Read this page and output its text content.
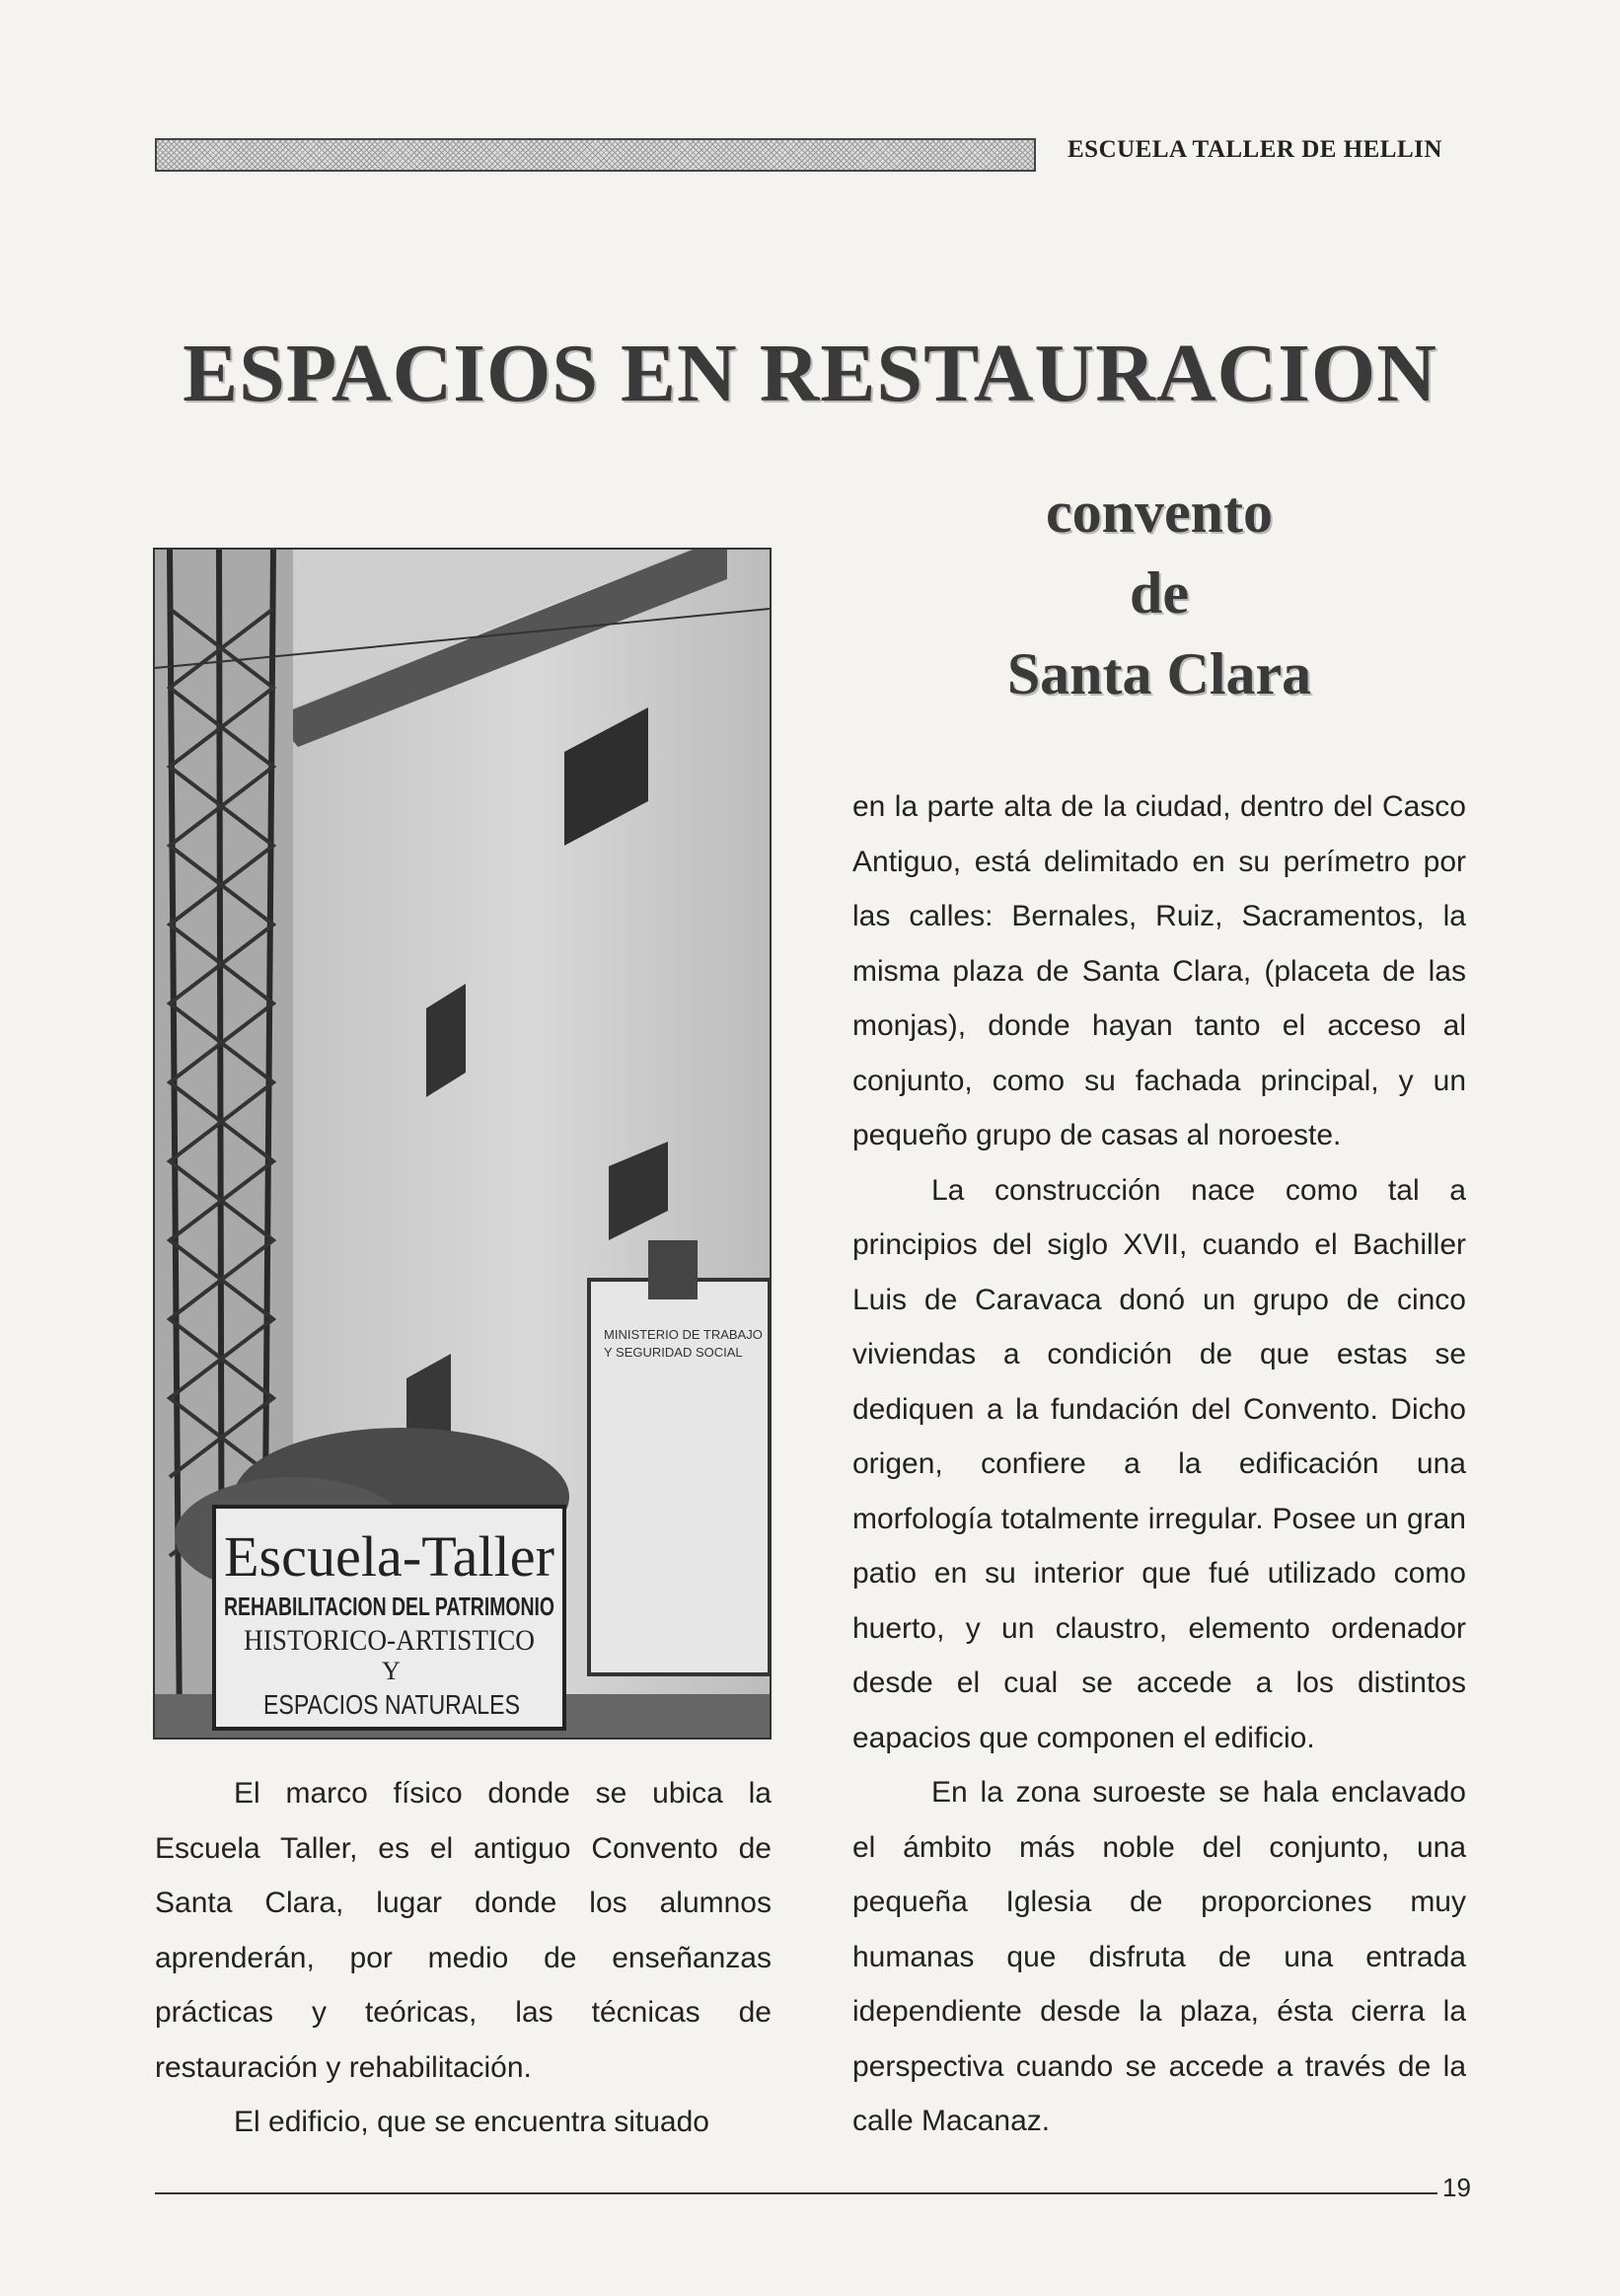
ESCUELA TALLER DE HELLIN
ESPACIOS EN RESTAURACION
convento
de
Santa Clara
MINISTERIO DE TRABAJO
Y SEGURIDAD SOCIAL
Escuela-Taller
REHABILITACION DEL PATRIMONIO
HISTORICO-ARTISTICO
Y
ESPACIOS NATURALES

El marco físico donde se ubica la Escuela Taller, es el antiguo Convento de Santa Clara, lugar donde los alumnos aprenderán, por medio de enseñanzas prácticas y teóricas, las técnicas de restauración y rehabilitación.

El edificio, que se encuentra situado

en la parte alta de la ciudad, dentro del Casco Antiguo, está delimitado en su perímetro por las calles: Bernales, Ruiz, Sacramentos, la misma plaza de Santa Clara, (placeta de las monjas), donde hayan tanto el acceso al conjunto, como su fachada principal, y un pequeño grupo de casas al noroeste.

La construcción nace como tal a principios del siglo XVII, cuando el Bachiller Luis de Caravaca donó un grupo de cinco viviendas a condición de que estas se dediquen a la fundación del Convento. Dicho origen, confiere a la edificación una morfología totalmente irregular. Posee un gran patio en su interior que fué utilizado como huerto, y un claustro, elemento ordenador desde el cual se accede a los distintos eapacios que componen el edificio.

En la zona suroeste se hala enclavado el ámbito más noble del conjunto, una pequeña Iglesia de proporciones muy humanas que disfruta de una entrada idependiente desde la plaza, ésta cierra la perspectiva cuando se accede a través de la calle Macanaz.

19
